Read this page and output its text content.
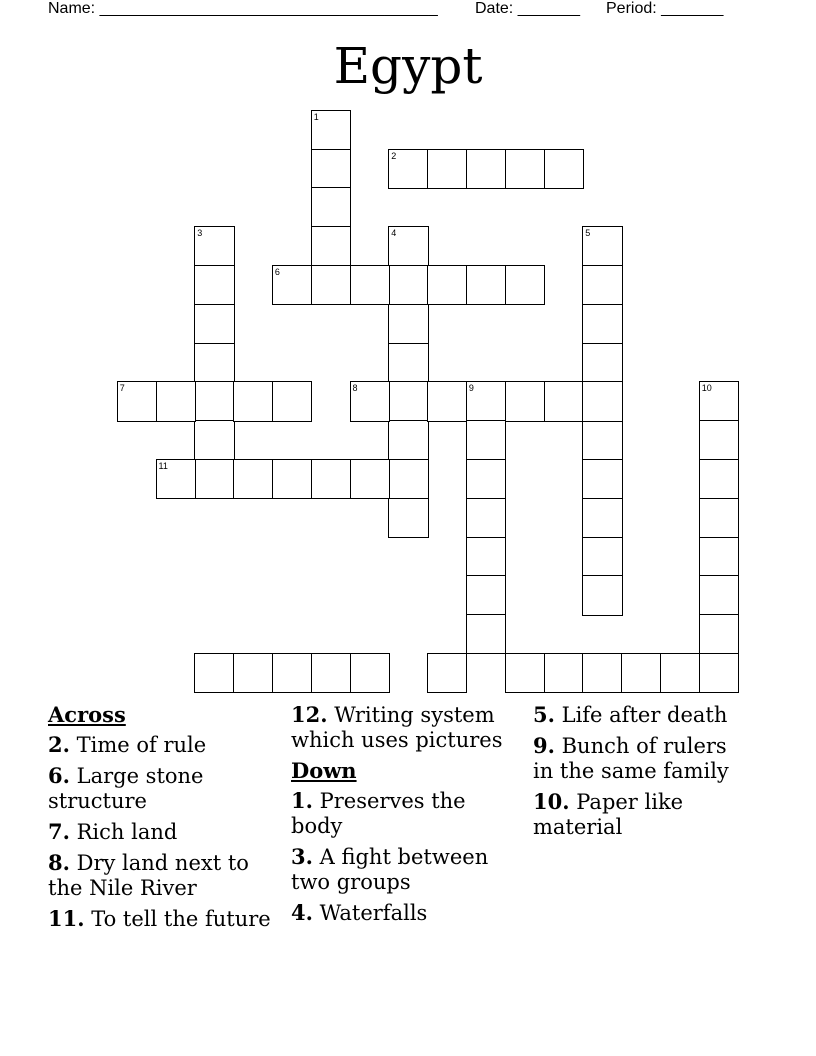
Name: ______________________________________

Date: _______

Period: _______

Egypt
1
2
3	4	5
6
7	8	9
11
10
Across
2. Time of rule
6. Large stone structure
7. Rich land
8. Dry land next to the Nile River
11. To tell the future
12. Writing system which uses pictures
Down
1. Preserves the body
3. A fight between two groups
4. Waterfalls
5. Life after death
9. Bunch of rulers in the same family
10. Paper like material
